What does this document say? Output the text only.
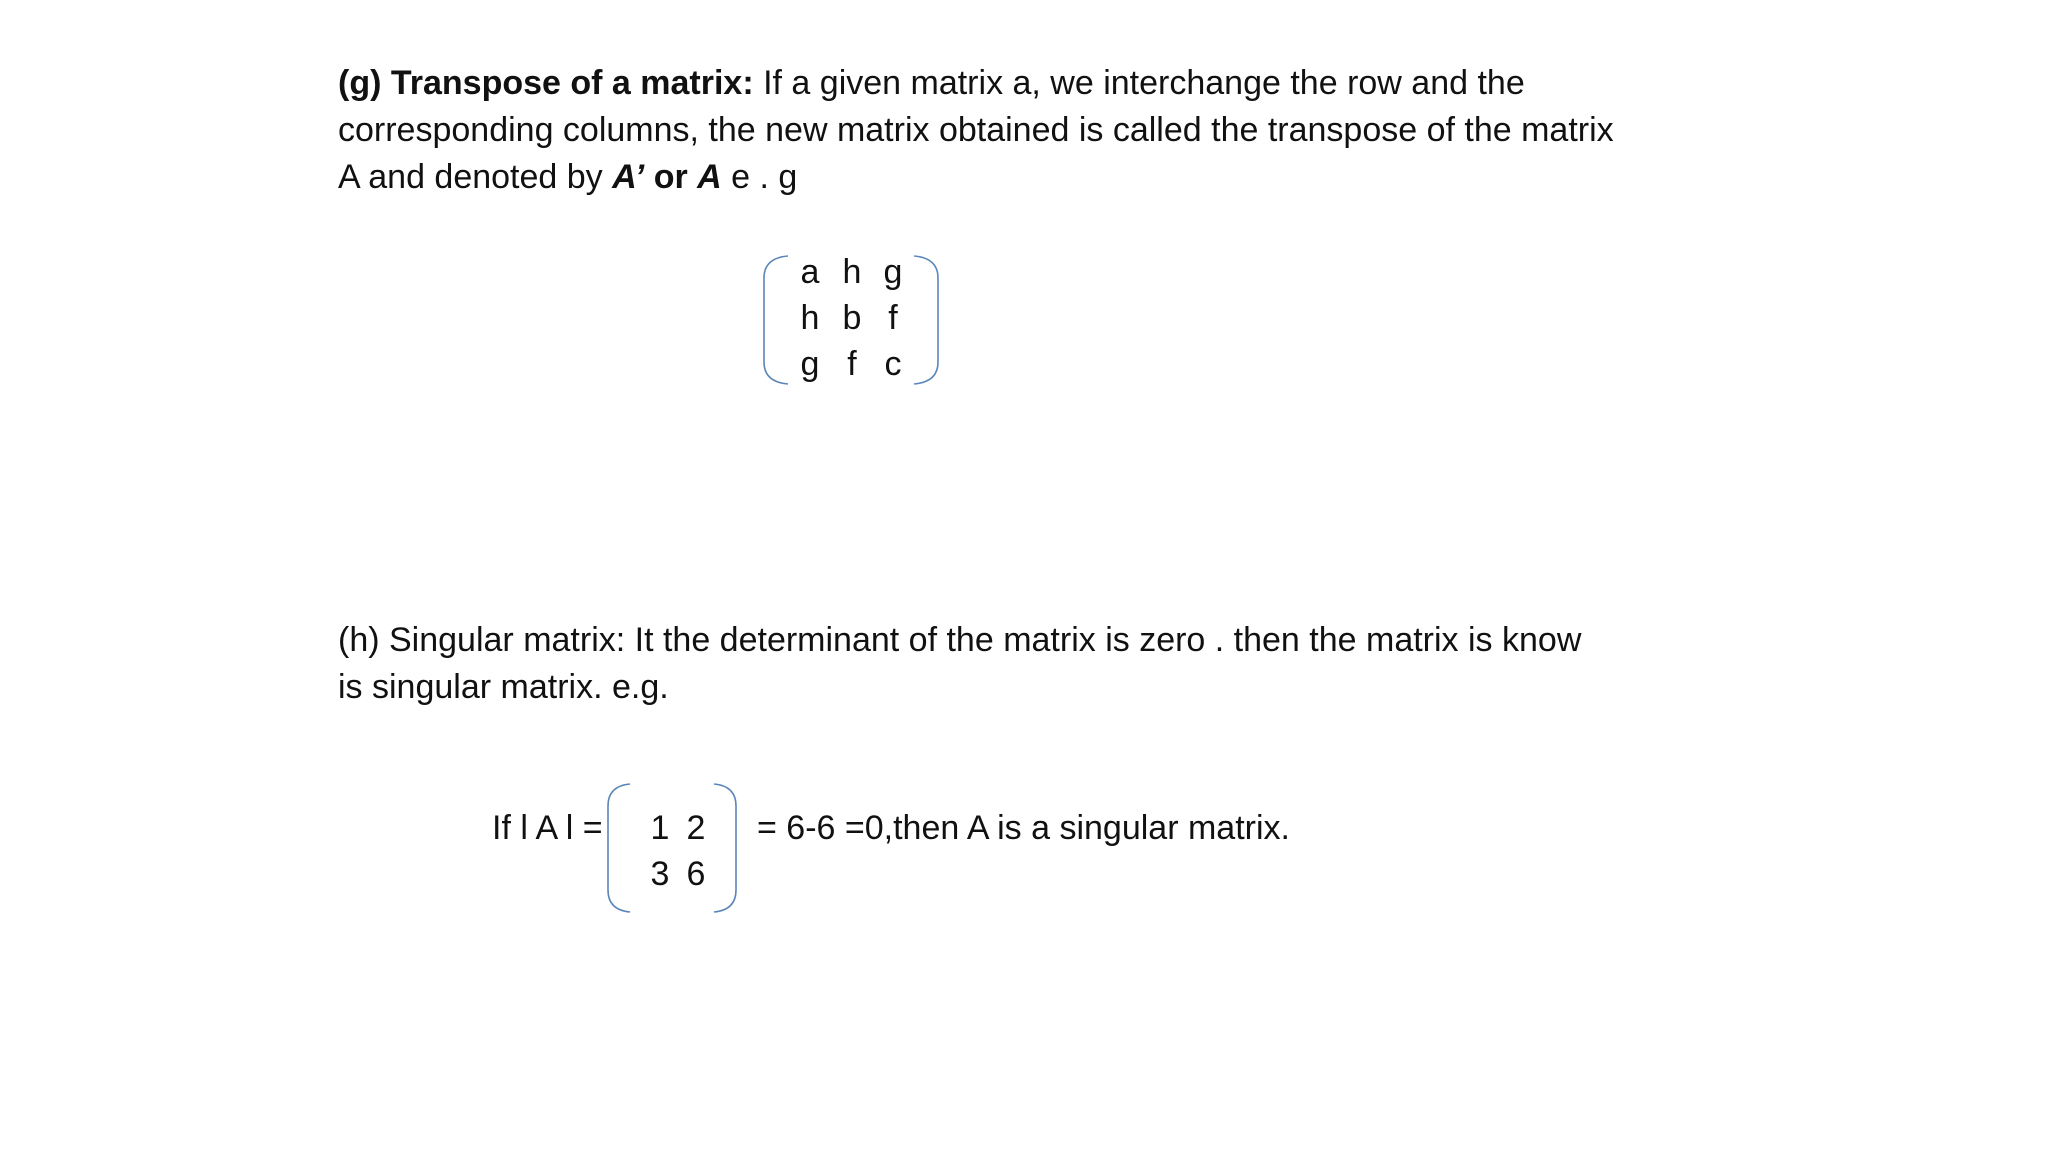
(g) Transpose of a matrix: If a given matrix a, we interchange the row and the
corresponding columns, the new matrix obtained is called the transpose of the matrix
A and denoted by A’ or A e . g
a h g
h b f
g f c
(h) Singular matrix: It the determinant of the matrix is zero . then the matrix is know
is singular matrix. e.g.
If l A l =	1 2
3 6
= 6-6 =0,then A is a singular matrix.
